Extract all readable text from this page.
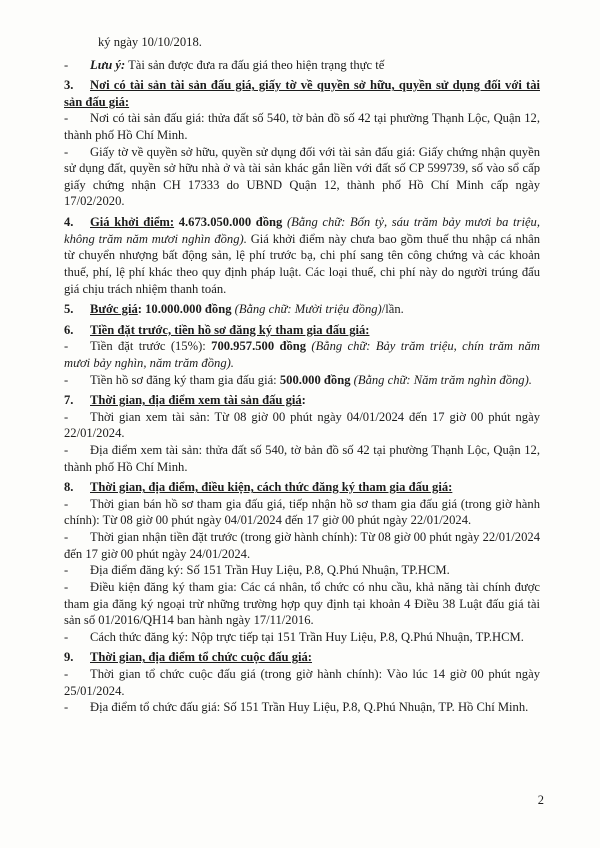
ký ngày 10/10/2018.

- Lưu ý: Tài sản được đưa ra đấu giá theo hiện trạng thực tế

3. Nơi có tài sản tài sản đấu giá, giấy tờ về quyền sở hữu, quyền sử dụng đối với tài sản đấu giá:

- Nơi có tài sản đấu giá: thửa đất số 540, tờ bản đồ số 42 tại phường Thạnh Lộc, Quận 12, thành phố Hồ Chí Minh.

- Giấy tờ về quyền sở hữu, quyền sử dụng đối với tài sản đấu giá: Giấy chứng nhận quyền sử dụng đất, quyền sở hữu nhà ở và tài sản khác gắn liền với đất số CP 599739, số vào sổ cấp giấy chứng nhận CH 17333 do UBND Quận 12, thành phố Hồ Chí Minh cấp ngày 17/02/2020.

4. Giá khởi điểm: 4.673.050.000 đồng (Bằng chữ: Bốn tỷ, sáu trăm bảy mươi ba triệu, không trăm năm mươi nghìn đồng). Giá khởi điểm này chưa bao gồm thuế thu nhập cá nhân từ chuyển nhượng bất động sản, lệ phí trước bạ, chi phí sang tên công chứng và các khoản thuế, phí, lệ phí khác theo quy định pháp luật. Các loại thuế, chi phí này do người trúng đấu giá chịu trách nhiệm thanh toán.

5. Bước giá: 10.000.000 đồng (Bằng chữ: Mười triệu đồng)/lần.

6. Tiền đặt trước, tiền hồ sơ đăng ký tham gia đấu giá:

- Tiền đặt trước (15%): 700.957.500 đồng (Bằng chữ: Bảy trăm triệu, chín trăm năm mươi bảy nghìn, năm trăm đồng).

- Tiền hồ sơ đăng ký tham gia đấu giá: 500.000 đồng (Bằng chữ: Năm trăm nghìn đồng).

7. Thời gian, địa điểm xem tài sản đấu giá:

- Thời gian xem tài sản: Từ 08 giờ 00 phút ngày 04/01/2024 đến 17 giờ 00 phút ngày 22/01/2024.

- Địa điểm xem tài sản: thửa đất số 540, tờ bản đồ số 42 tại phường Thạnh Lộc, Quận 12, thành phố Hồ Chí Minh.

8. Thời gian, địa điểm, điều kiện, cách thức đăng ký tham gia đấu giá:

- Thời gian bán hồ sơ tham gia đấu giá, tiếp nhận hồ sơ tham gia đấu giá (trong giờ hành chính): Từ 08 giờ 00 phút ngày 04/01/2024 đến 17 giờ 00 phút ngày 22/01/2024.

- Thời gian nhận tiền đặt trước (trong giờ hành chính): Từ 08 giờ 00 phút ngày 22/01/2024 đến 17 giờ 00 phút ngày 24/01/2024.

- Địa điểm đăng ký: Số 151 Trần Huy Liệu, P.8, Q.Phú Nhuận, TP.HCM.

- Điều kiện đăng ký tham gia: Các cá nhân, tổ chức có nhu cầu, khả năng tài chính được tham gia đăng ký ngoại trừ những trường hợp quy định tại khoản 4 Điều 38 Luật đấu giá tài sản số 01/2016/QH14 ban hành ngày 17/11/2016.

- Cách thức đăng ký: Nộp trực tiếp tại 151 Trần Huy Liệu, P.8, Q.Phú Nhuận, TP.HCM.

9. Thời gian, địa điểm tổ chức cuộc đấu giá:

- Thời gian tổ chức cuộc đấu giá (trong giờ hành chính): Vào lúc 14 giờ 00 phút ngày 25/01/2024.

- Địa điểm tổ chức đấu giá: Số 151 Trần Huy Liệu, P.8, Q.Phú Nhuận, TP. Hồ Chí Minh.

2
